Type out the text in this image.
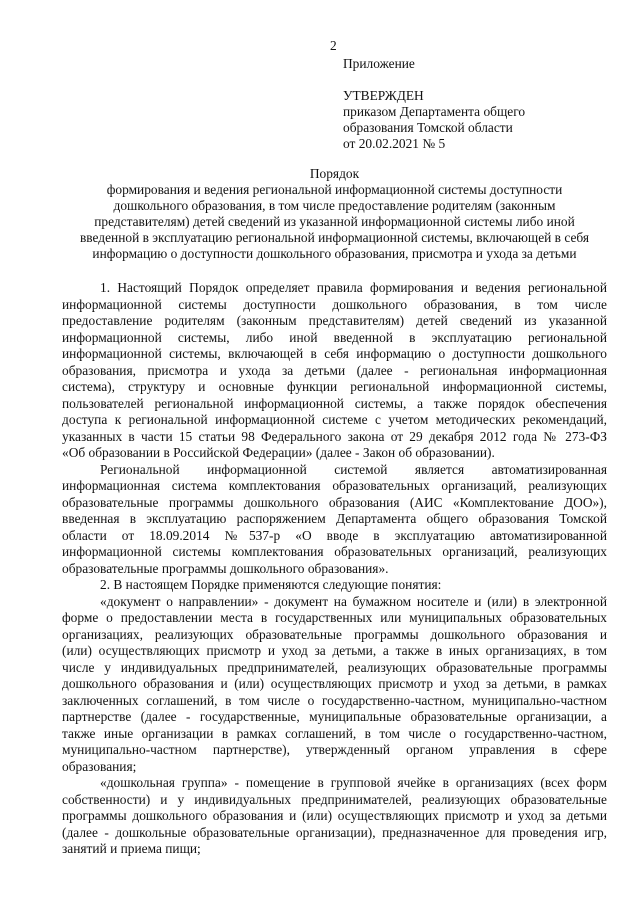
2

Приложение

УТВЕРЖДЕН

приказом Департамента общего

образования Томской области

от 20.02.2021 № 5

Порядок

формирования и ведения региональной информационной системы доступности

дошкольного образования, в том числе предоставление родителям (законным

представителям) детей сведений из указанной информационной системы либо иной

введенной в эксплуатацию региональной информационной системы, включающей в себя

информацию о доступности дошкольного образования, присмотра и ухода за детьми

1. Настоящий Порядок определяет правила формирования и ведения региональной

информационной системы доступности дошкольного образования, в том числе

предоставление родителям (законным представителям) детей сведений из указанной

информационной системы, либо иной введенной в эксплуатацию региональной

информационной системы, включающей в себя информацию о доступности дошкольного

образования, присмотра и ухода за детьми (далее - региональная информационная

система), структуру и основные функции региональной информационной системы,

пользователей региональной информационной системы, а также порядок обеспечения

доступа к региональной информационной системе с учетом методических рекомендаций,

указанных в части 15 статьи 98 Федерального закона от 29 декабря 2012 года № 273-ФЗ

«Об образовании в Российской Федерации» (далее - Закон об образовании).

Региональной информационной системой является автоматизированная

информационная система комплектования образовательных организаций, реализующих

образовательные программы дошкольного образования (АИС «Комплектование ДОО»),

введенная в эксплуатацию распоряжением Департамента общего образования Томской

области от 18.09.2014 №537-р «О вводе в эксплуатацию автоматизированной

информационной системы комплектования образовательных организаций, реализующих

образовательные программы дошкольного образования».

2. В настоящем Порядке применяются следующие понятия:

«документ о направлении» - документ на бумажном носителе и (или) в электронной

форме о предоставлении места в государственных или муниципальных образовательных

организациях, реализующих образовательные программы дошкольного образования и

(или) осуществляющих присмотр и уход за детьми, а также в иных организациях, в том

числе у индивидуальных предпринимателей, реализующих образовательные программы

дошкольного образования и (или) осуществляющих присмотр и уход за детьми, в рамках

заключенных соглашений, в том числе о государственно-частном, муниципально-частном

партнерстве (далее - государственные, муниципальные образовательные организации, а

также иные организации в рамках соглашений, в том числе о государственно-частном,

муниципально-частном партнерстве), утвержденный органом управления в сфере

образования;

«дошкольная группа» - помещение в групповой ячейке в организациях (всех форм

собственности) и у индивидуальных предпринимателей, реализующих образовательные

программы дошкольного образования и (или) осуществляющих присмотр и уход за детьми

(далее - дошкольные образовательные организации), предназначенное для проведения игр,

занятий и приема пищи;
